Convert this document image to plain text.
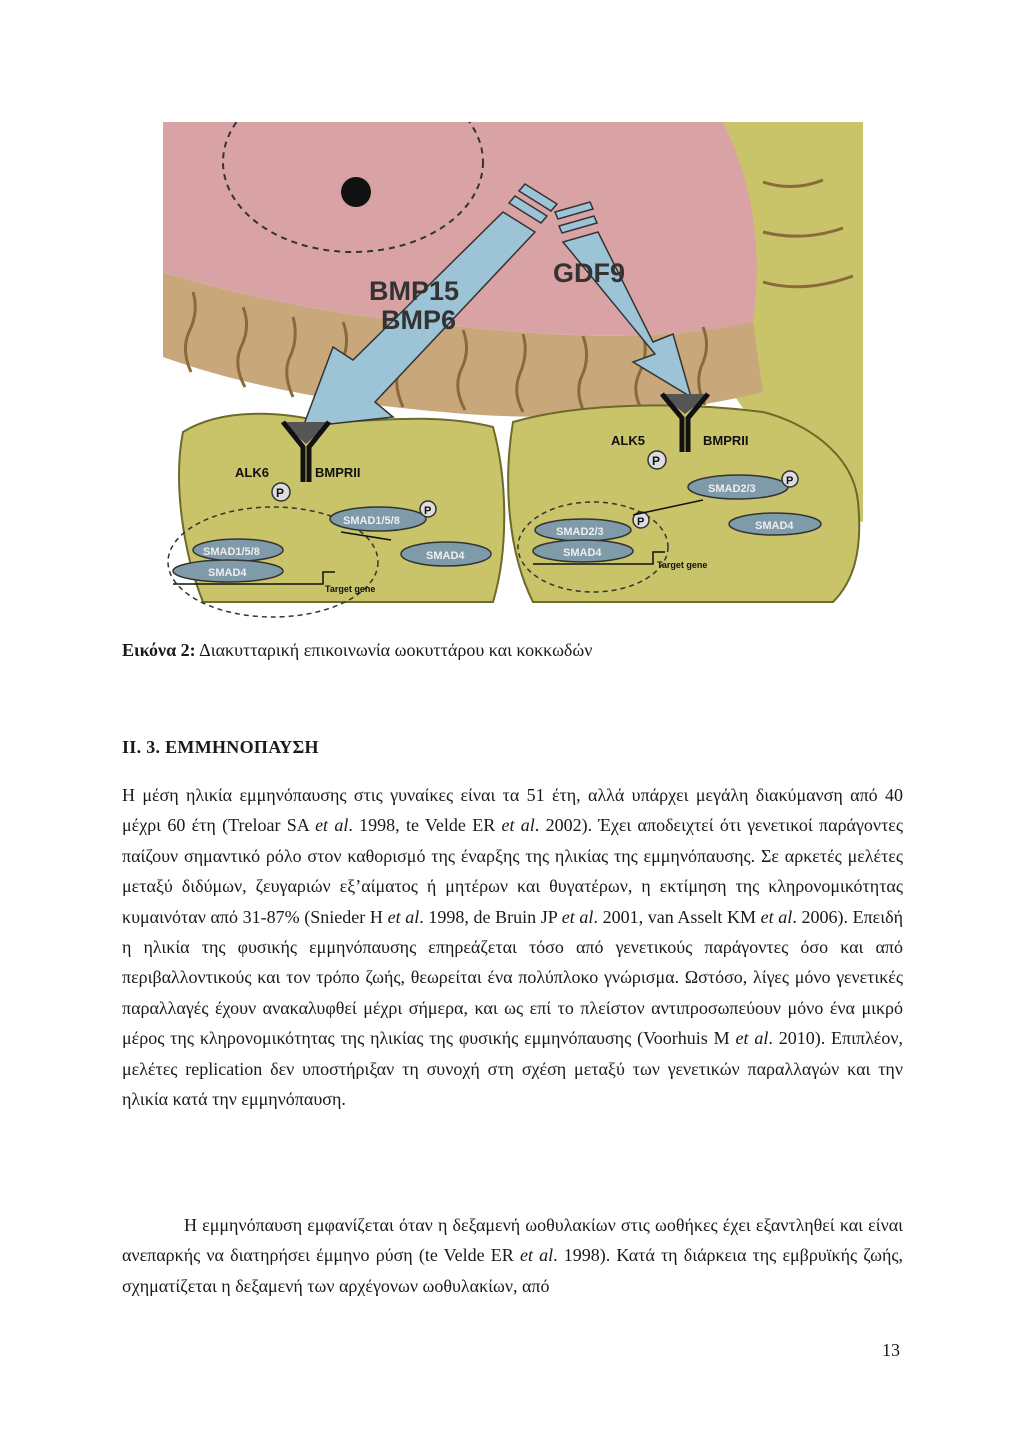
BMP15
BMP6
GDF9
ALK6	BMPRII
P
ALK5	BMPRII
P
SMAD1/5/8
P
SMAD4
SMAD1/5/8
SMAD4
Target gene
SMAD2/3
P
SMAD4
SMAD2/3
P
SMAD4
Target gene
Εικόνα 2: Διακυτταρική επικοινωνία ωοκυττάρου και κοκκωδών
II. 3. ΕΜΜΗΝΟΠΑΥΣΗ
Η μέση ηλικία εμμηνόπαυσης στις γυναίκες είναι τα 51 έτη, αλλά υπάρχει μεγάλη διακύμανση από 40 μέχρι 60 έτη (Treloar SA et al. 1998, te Velde ER et al. 2002). Έχει αποδειχτεί ότι γενετικοί παράγοντες παίζουν σημαντικό ρόλο στον καθορισμό της έναρξης της ηλικίας της εμμηνόπαυσης. Σε αρκετές μελέτες μεταξύ διδύμων, ζευγαριών εξ’αίματος ή μητέρων και θυγατέρων, η εκτίμηση της κληρονομικότητας κυμαινόταν από 31-87% (Snieder H et al. 1998, de Bruin JP et al. 2001, van Asselt KM et al. 2006). Επειδή η ηλικία της φυσικής εμμηνόπαυσης επηρεάζεται τόσο από γενετικούς παράγοντες όσο και από περιβαλλοντικούς και τον τρόπο ζωής, θεωρείται ένα πολύπλοκο γνώρισμα. Ωστόσο, λίγες μόνο γενετικές παραλλαγές έχουν ανακαλυφθεί μέχρι σήμερα, και ως επί το πλείστον αντιπροσωπεύουν μόνο ένα μικρό μέρος της κληρονομικότητας της ηλικίας της φυσικής εμμηνόπαυσης (Voorhuis M et al. 2010). Επιπλέον, μελέτες replication δεν υποστήριξαν τη συνοχή στη σχέση μεταξύ των γενετικών παραλλαγών και την ηλικία κατά την εμμηνόπαυση.
Η εμμηνόπαυση εμφανίζεται όταν η δεξαμενή ωοθυλακίων στις ωοθήκες έχει εξαντληθεί και είναι ανεπαρκής να διατηρήσει έμμηνο ρύση (te Velde ER et al. 1998). Κατά τη διάρκεια της εμβρυϊκής ζωής, σχηματίζεται η δεξαμενή των αρχέγονων ωοθυλακίων, από
13
